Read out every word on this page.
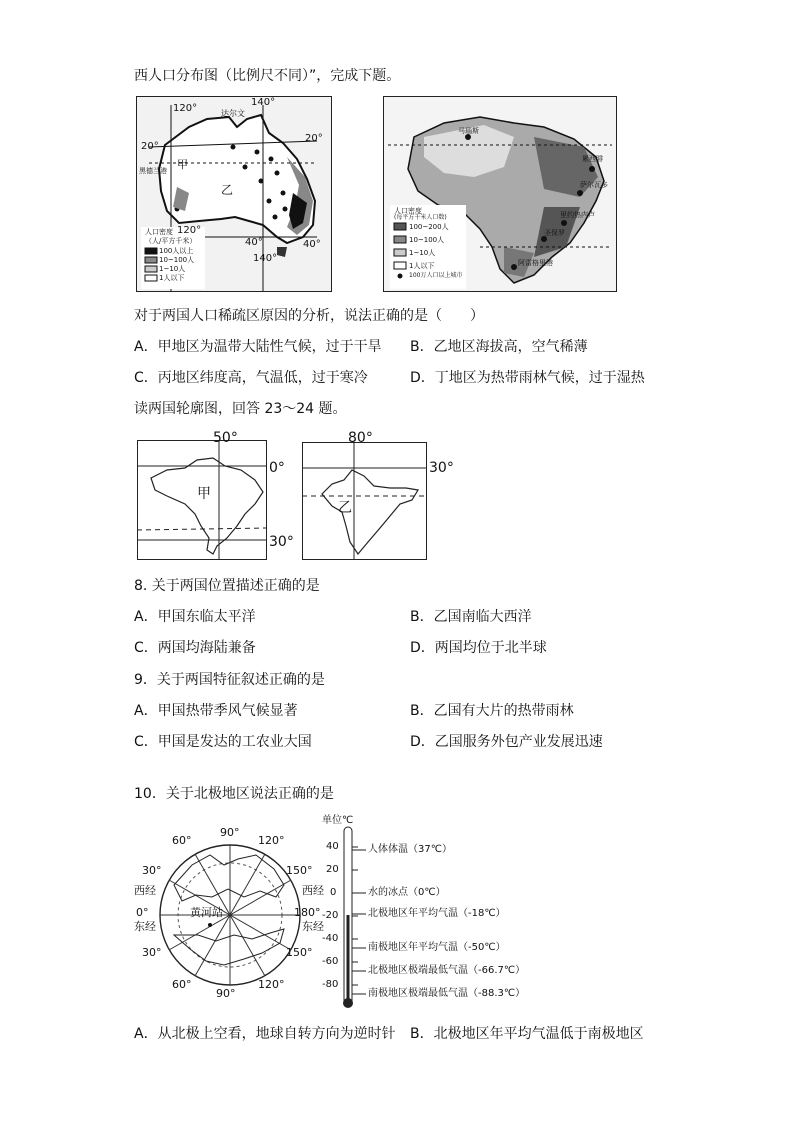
西人口分布图（比例尺不同）”，完成下题。
120°
140°
达尔文
20°
20°
黑德兰港 甲
乙
120°
40°	40°
140°
人口密度
（人/平方千米）
100人以上
10~100人
1~10人
1人以下
马瑙斯
累西腓
萨尔瓦多
里约热内卢
圣保罗
阿雷格里港
人口密度
(每平方千米人口数)
100~200人
10~100人
1~10人
1人以下
100万人口以上城市
对于两国人口稀疏区原因的分析，说法正确的是（　　）
A．甲地区为温带大陆性气候，过于干旱 B．乙地区海拔高，空气稀薄
C．丙地区纬度高，气温低，过于寒冷	D．丁地区为热带雨林气候，过于湿热
读两国轮廓图，回答 23～24 题。
50°
0°
30°
甲
80°
30°
乙
8. 关于两国位置描述正确的是
A．甲国东临太平洋	B．乙国南临大西洋
C．两国均海陆兼备	D．两国均位于北半球
9．关于两国特征叙述正确的是
A．甲国热带季风气候显著	B．乙国有大片的热带雨林
C．甲国是发达的工农业大国	D．乙国服务外包产业发展迅速
10．关于北极地区说法正确的是
90°
60°	120°
30°	150°
西经	西经
0°	180°
黄河站
东经	东经
30°	150°
60°
90°
120°
单位℃
40
20
0
-20
-40
-60
-80
人体体温（37℃）
水的冰点（0℃）
北极地区年平均气温（-18℃）
南极地区年平均气温（-50℃）
北极地区极端最低气温（-66.7℃）
南极地区极端最低气温（-88.3℃）
A．从北极上空看，地球自转方向为逆时针 B．北极地区年平均气温低于南极地区
